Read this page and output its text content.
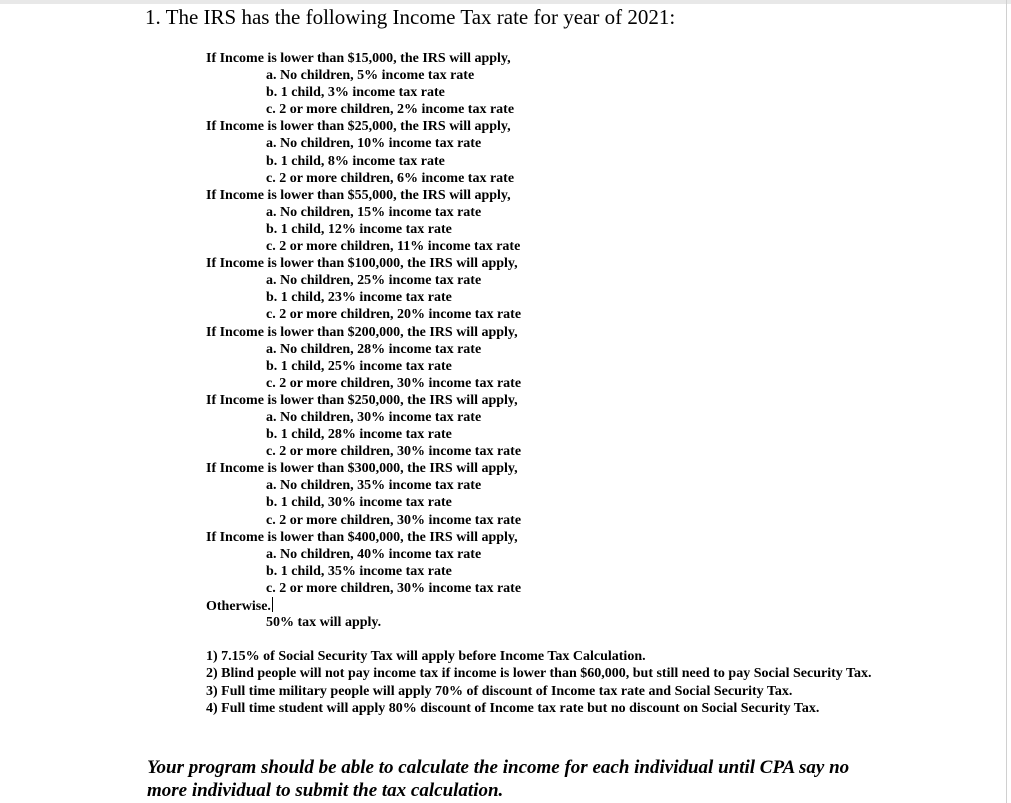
1. The IRS has the following Income Tax rate for year of 2021:
If Income is lower than $15,000, the IRS will apply,
a. No children, 5% income tax rate
b. 1 child, 3% income tax rate
c. 2 or more children, 2% income tax rate
If Income is lower than $25,000, the IRS will apply,
a. No children, 10% income tax rate
b. 1 child, 8% income tax rate
c. 2 or more children, 6% income tax rate
If Income is lower than $55,000, the IRS will apply,
a. No children, 15% income tax rate
b. 1 child, 12% income tax rate
c. 2 or more children, 11% income tax rate
If Income is lower than $100,000, the IRS will apply,
a. No children, 25% income tax rate
b. 1 child, 23% income tax rate
c. 2 or more children, 20% income tax rate
If Income is lower than $200,000, the IRS will apply,
a. No children, 28% income tax rate
b. 1 child, 25% income tax rate
c. 2 or more children, 30% income tax rate
If Income is lower than $250,000, the IRS will apply,
a. No children, 30% income tax rate
b. 1 child, 28% income tax rate
c. 2 or more children, 30% income tax rate
If Income is lower than $300,000, the IRS will apply,
a. No children, 35% income tax rate
b. 1 child, 30% income tax rate
c. 2 or more children, 30% income tax rate
If Income is lower than $400,000, the IRS will apply,
a. No children, 40% income tax rate
b. 1 child, 35% income tax rate
c. 2 or more children, 30% income tax rate
Otherwise.
50% tax will apply.
1) 7.15% of Social Security Tax will apply before Income Tax Calculation.
2) Blind people will not pay income tax if income is lower than $60,000, but still need to pay Social Security Tax.
3) Full time military people will apply 70% of discount of Income tax rate and Social Security Tax.
4) Full time student will apply 80% discount of Income tax rate but no discount on Social Security Tax.
Your program should be able to calculate the income for each individual until CPA say no more individual to submit the tax calculation.
